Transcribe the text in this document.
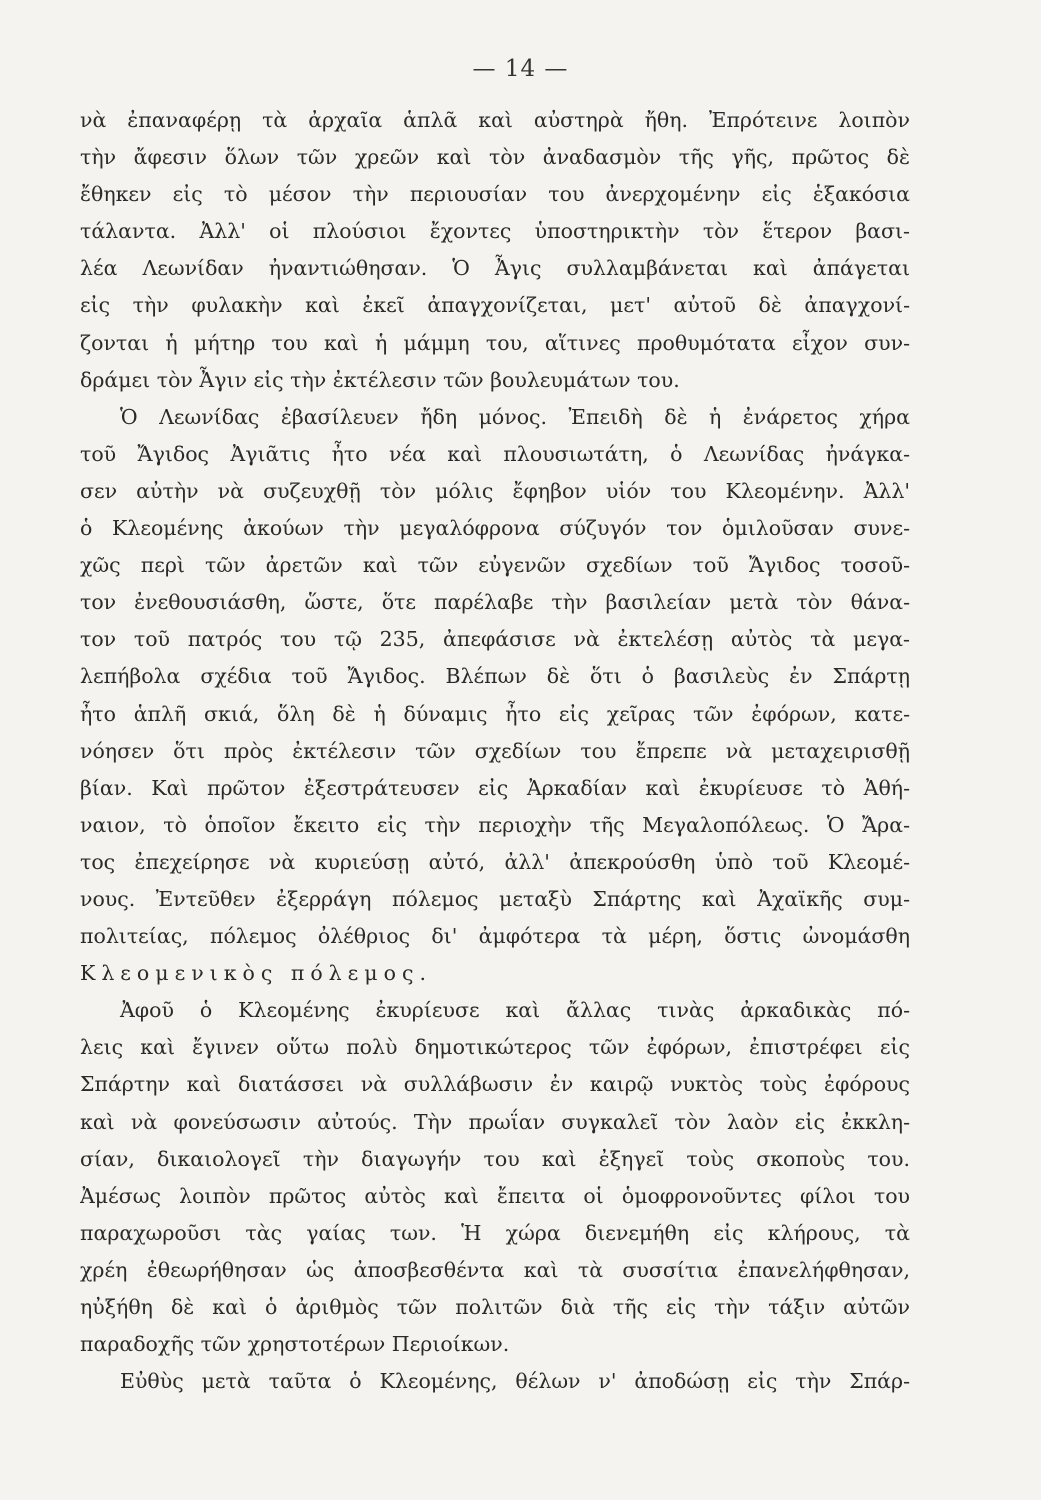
— 14 —
νὰ ἐπαναφέρῃ τὰ ἀρχαῖα ἁπλᾶ καὶ αὐστηρὰ ἤθη. Ἐπρότεινε λοιπὸν
τὴν ἄφεσιν ὅλων τῶν χρεῶν καὶ τὸν ἀναδασμὸν τῆς γῆς, πρῶτος δὲ
ἔθηκεν εἰς τὸ μέσον τὴν περιουσίαν του ἀνερχομένην εἰς ἑξακόσια
τάλαντα. Ἀλλ' οἱ πλούσιοι ἔχοντες ὑποστηρικτὴν τὸν ἕτερον βασι-
λέα Λεωνίδαν ἠναντιώθησαν. Ὁ Ἆγις συλλαμβάνεται καὶ ἀπάγεται
εἰς τὴν φυλακὴν καὶ ἐκεῖ ἀπαγχονίζεται, μετ' αὐτοῦ δὲ ἀπαγχονί-
ζονται ἡ μήτηρ του καὶ ἡ μάμμη του, αἵτινες προθυμότατα εἶχον συν-
δράμει τὸν Ἆγιν εἰς τὴν ἐκτέλεσιν τῶν βουλευμάτων του.
Ὁ Λεωνίδας ἐβασίλευεν ἤδη μόνος. Ἐπειδὴ δὲ ἡ ἐνάρετος χήρα
τοῦ Ἄγιδος Ἀγιᾶτις ἦτο νέα καὶ πλουσιωτάτη, ὁ Λεωνίδας ἠνάγκα-
σεν αὐτὴν νὰ συζευχθῇ τὸν μόλις ἔφηβον υἱόν του Κλεομένην. Ἀλλ'
ὁ Κλεομένης ἀκούων τὴν μεγαλόφρονα σύζυγόν τον ὁμιλοῦσαν συνε-
χῶς περὶ τῶν ἀρετῶν καὶ τῶν εὐγενῶν σχεδίων τοῦ Ἄγιδος τοσοῦ-
τον ἐνεθουσιάσθη, ὥστε, ὅτε παρέλαβε τὴν βασιλείαν μετὰ τὸν θάνα-
τον τοῦ πατρός του τῷ 235, ἀπεφάσισε νὰ ἐκτελέσῃ αὐτὸς τὰ μεγα-
λεπήβολα σχέδια τοῦ Ἄγιδος. Βλέπων δὲ ὅτι ὁ βασιλεὺς ἐν Σπάρτῃ
ἦτο ἁπλῆ σκιά, ὅλη δὲ ἡ δύναμις ἦτο εἰς χεῖρας τῶν ἐφόρων, κατε-
νόησεν ὅτι πρὸς ἐκτέλεσιν τῶν σχεδίων του ἔπρεπε νὰ μεταχειρισθῇ
βίαν. Καὶ πρῶτον ἐξεστράτευσεν εἰς Ἀρκαδίαν καὶ ἐκυρίευσε τὸ Ἀθή-
ναιον, τὸ ὁποῖον ἔκειτο εἰς τὴν περιοχὴν τῆς Μεγαλοπόλεως. Ὁ Ἄρα-
τος ἐπεχείρησε νὰ κυριεύσῃ αὐτό, ἀλλ' ἀπεκρούσθη ὑπὸ τοῦ Κλεομέ-
νους. Ἐντεῦθεν ἐξερράγη πόλεμος μεταξὺ Σπάρτης καὶ Ἀχαϊκῆς συμ-
πολιτείας, πόλεμος ὀλέθριος δι' ἀμφότερα τὰ μέρη, ὅστις ὠνομάσθη
Κλεομενικὸς πόλεμος.
Ἀφοῦ ὁ Κλεομένης ἐκυρίευσε καὶ ἄλλας τινὰς ἀρκαδικὰς πό-
λεις καὶ ἔγινεν οὕτω πολὺ δημοτικώτερος τῶν ἐφόρων, ἐπιστρέφει εἰς
Σπάρτην καὶ διατάσσει νὰ συλλάβωσιν ἐν καιρῷ νυκτὸς τοὺς ἐφόρους
καὶ νὰ φονεύσωσιν αὐτούς. Τὴν πρωΐαν συγκαλεῖ τὸν λαὸν εἰς ἐκκλη-
σίαν, δικαιολογεῖ τὴν διαγωγήν του καὶ ἐξηγεῖ τοὺς σκοποὺς του.
Ἀμέσως λοιπὸν πρῶτος αὐτὸς καὶ ἔπειτα οἱ ὁμοφρονοῦντες φίλοι του
παραχωροῦσι τὰς γαίας των. Ἡ χώρα διενεμήθη εἰς κλήρους, τὰ
χρέη ἐθεωρήθησαν ὡς ἀποσβεσθέντα καὶ τὰ συσσίτια ἐπανελήφθησαν,
ηὐξήθη δὲ καὶ ὁ ἀριθμὸς τῶν πολιτῶν διὰ τῆς εἰς τὴν τάξιν αὐτῶν
παραδοχῆς τῶν χρηστοτέρων Περιοίκων.
Εὐθὺς μετὰ ταῦτα ὁ Κλεομένης, θέλων ν' ἀποδώσῃ εἰς τὴν Σπάρ-
